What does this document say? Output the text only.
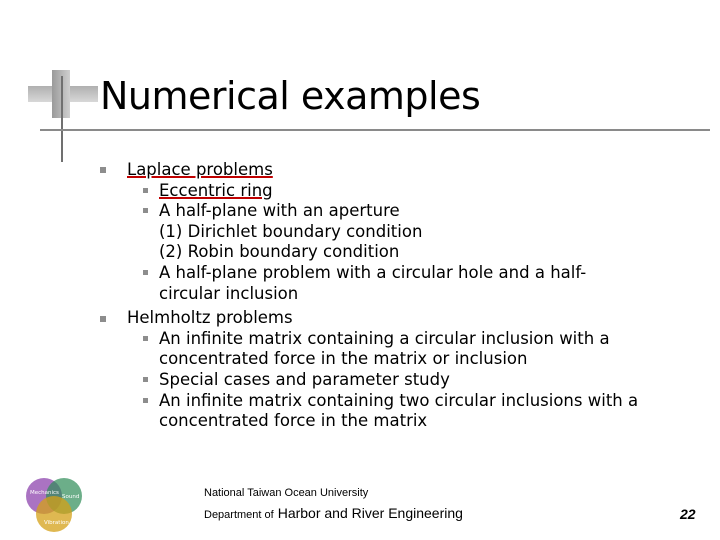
Numerical examples
Mechanics
Sound
Vibration
National Taiwan Ocean University
Department of Harbor and River Engineering	22
Laplace problems
Eccentric ring
A half-plane with an aperture
(1) Dirichlet boundary condition
(2) Robin boundary condition
A half-plane problem with a circular hole and a half-
circular inclusion
Helmholtz problems
An infinite matrix containing a circular inclusion with a
concentrated force in the matrix or inclusion
Special cases and parameter study
An infinite matrix containing two circular inclusions with a
concentrated force in the matrix
